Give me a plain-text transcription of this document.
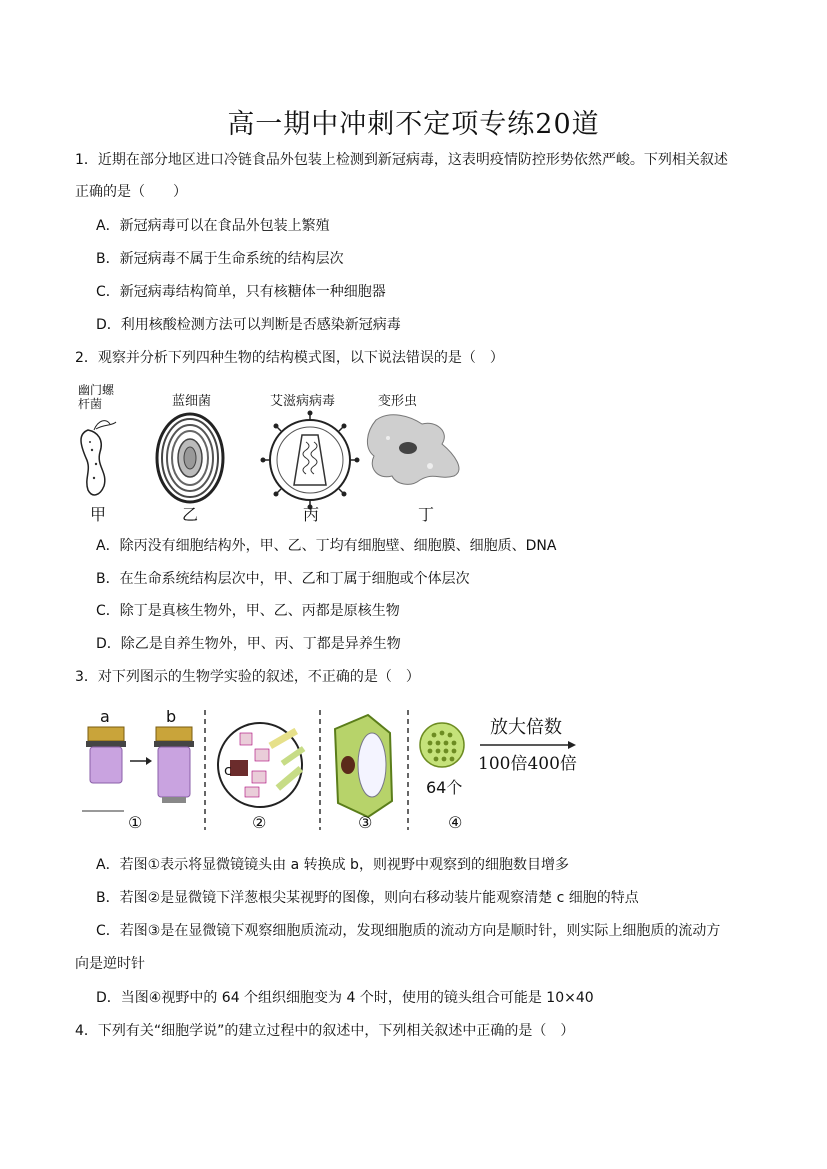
高一期中冲刺不定项专练20道
1．近期在部分地区进口冷链食品外包装上检测到新冠病毒，这表明疫情防控形势依然严峻。下列相关叙述
正确的是（　　）
A．新冠病毒可以在食品外包装上繁殖
B．新冠病毒不属于生命系统的结构层次
C．新冠病毒结构简单，只有核糖体一种细胞器
D．利用核酸检测方法可以判断是否感染新冠病毒
2．观察并分析下列四种生物的结构模式图，以下说法错误的是（　）
幽门螺
杆菌	蓝细菌	艾滋病病毒	变形虫
甲	乙	丙	丁
A．除丙没有细胞结构外，甲、乙、丁均有细胞壁、细胞膜、细胞质、DNA
B．在生命系统结构层次中，甲、乙和丁属于细胞或个体层次
C．除丁是真核生物外，甲、乙、丙都是原核生物
D．除乙是自养生物外，甲、丙、丁都是异养生物
3．对下列图示的生物学实验的叙述，不正确的是（　）
a	b
c
放大倍数
100倍400倍
64个
①	②	③	④
A．若图①表示将显微镜镜头由 a 转换成 b，则视野中观察到的细胞数目增多
B．若图②是显微镜下洋葱根尖某视野的图像，则向右移动装片能观察清楚 c 细胞的特点
C．若图③是在显微镜下观察细胞质流动，发现细胞质的流动方向是顺时针，则实际上细胞质的流动方
向是逆时针
D．当图④视野中的 64 个组织细胞变为 4 个时，使用的镜头组合可能是 10×40
4．下列有关“细胞学说”的建立过程中的叙述中，下列相关叙述中正确的是（　）
